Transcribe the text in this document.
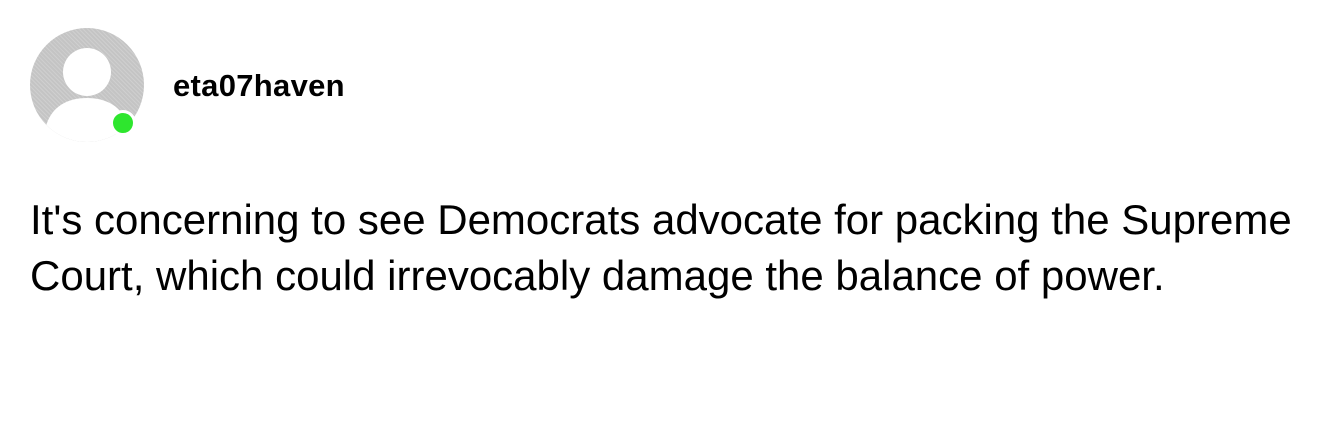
eta07haven

It's concerning to see Democrats advocate for packing the Supreme Court, which could irrevocably damage the balance of power.
